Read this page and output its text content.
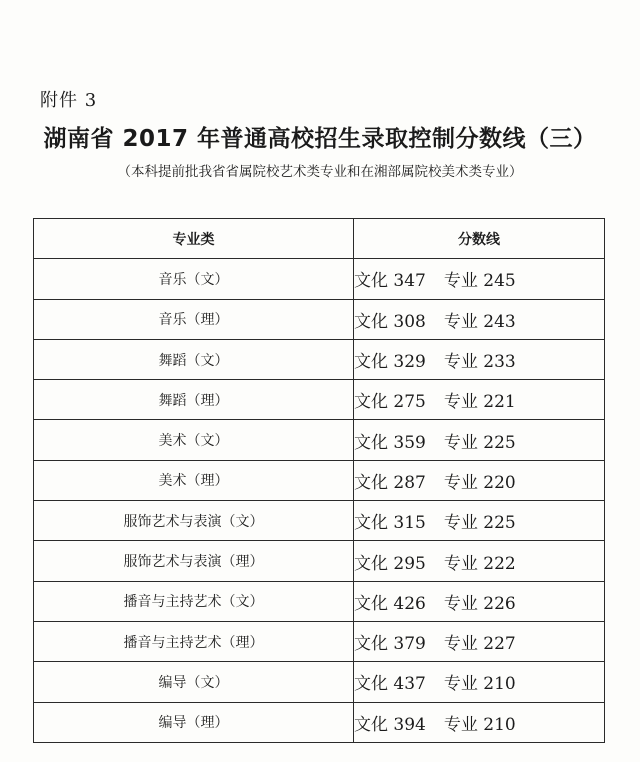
附件 3
湖南省 2017 年普通高校招生录取控制分数线（三）
（本科提前批我省省属院校艺术类专业和在湘部属院校美术类专业）
专业类	分数线
音乐（文）	文化 347 专业 245
音乐（理）	文化 308 专业 243
舞蹈（文）	文化 329 专业 233
舞蹈（理）	文化 275 专业 221
美术（文）	文化 359 专业 225
美术（理）	文化 287 专业 220
服饰艺术与表演（文）	文化 315 专业 225
服饰艺术与表演（理）	文化 295 专业 222
播音与主持艺术（文）	文化 426 专业 226
播音与主持艺术（理）	文化 379 专业 227
编导（文）	文化 437 专业 210
编导（理）	文化 394 专业 210
